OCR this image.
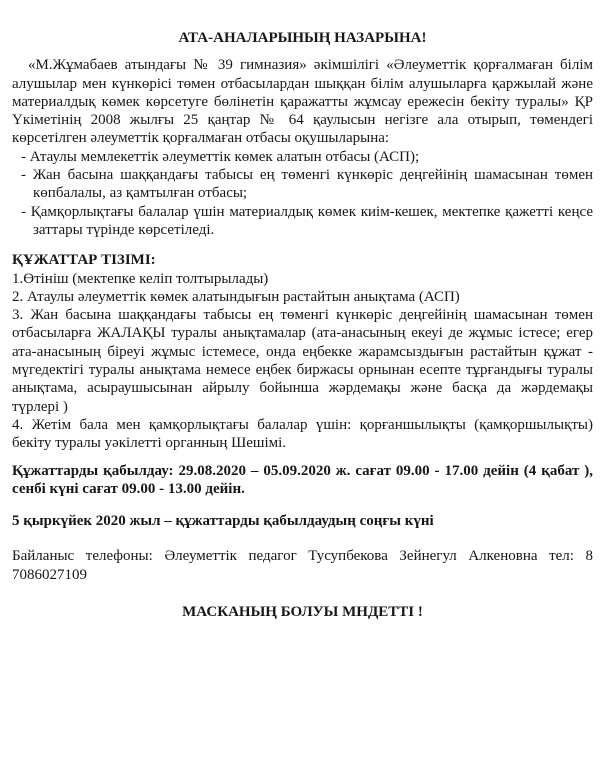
АТА-АНАЛАРЫНЫҢ НАЗАРЫНА!

«М.Жұмабаев атындағы № 39 гимназия» әкімшілігі «Әлеуметтік қорғалмаған білім алушылар мен күнкөрісі төмен отбасылардан шыққан білім алушыларға қаржылай және материалдық көмек көрсетуге бөлінетін қаражатты жұмсау ережесін бекіту туралы» ҚР Үкіметінің 2008 жылғы 25 қаңтар № 64 қаулысын негізге ала отырып, төмендегі көрсетілген әлеуметтік қорғалмаған отбасы оқушыларына:

- Атаулы мемлекеттік әлеуметтік көмек алатын отбасы (АСП);

- Жан басына шаққандағы табысы ең төменгі күнкөріс деңгейінің шамасынан төмен көпбалалы, аз қамтылған отбасы;

- Қамқорлықтағы балалар үшін материалдық көмек киім-кешек, мектепке қажетті кеңсе заттары түрінде көрсетіледі.

ҚҰЖАТТАР ТІЗІМІ:

1.Өтініш (мектепке келіп толтырылады)

2. Атаулы әлеуметтік көмек алатындығын растайтын анықтама (АСП)

3. Жан басына шаққандағы табысы ең төменгі күнкөріс деңгейінің шамасынан төмен отбасыларға ЖАЛАҚЫ туралы анықтамалар (ата-анасының екеуі де жұмыс істесе; егер ата-анасының біреуі жұмыс істемесе, онда еңбекке жарамсыздығын растайтын құжат - мүгедектігі туралы анықтама немесе еңбек биржасы орнынан есепте тұрғандығы туралы анықтама, асыраушысынан айрылу бойынша жәрдемақы және басқа да жәрдемақы түрлері )

4. Жетім бала мен қамқорлықтағы балалар үшін: қорғаншылықты (қамқоршылықты) бекіту туралы уәкілетті органның Шешімі.

Құжаттарды қабылдау: 29.08.2020 – 05.09.2020 ж. сағат 09.00 - 17.00 дейін (4 қабат ), сенбі күні сағат 09.00 - 13.00 дейін.

5 қыркүйек 2020 жыл – құжаттарды қабылдаудың соңғы күні

Байланыс телефоны: Әлеуметтік педагог Тусупбекова Зейнегул Алкеновна тел: 8 7086027109

МАСКАНЫҢ БОЛУЫ МНДЕТТІ !
